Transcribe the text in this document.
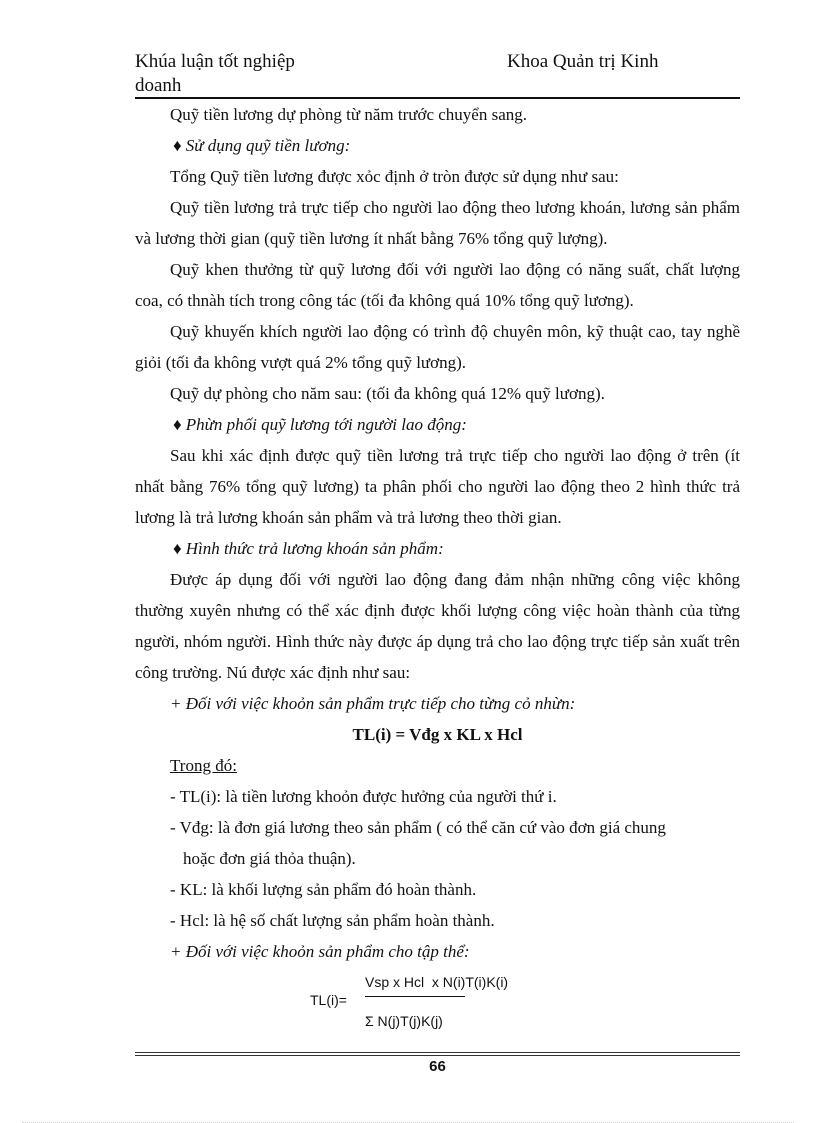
Khúa luận tốt nghiệp	Khoa Quản trị Kinh
doanh

Quỹ tiền lương dự phòng từ năm trước chuyển sang.

♦ Sử dụng quỹ tiền lương:

Tổng Quỹ tiền lương được xỏc định ở tròn được sử dụng như sau:

Quỹ tiền lương trả trực tiếp cho người lao động theo lương khoán, lương sản phẩm và lương thời gian (quỹ tiền lương ít nhất bằng 76% tổng quỹ lượng).

Quỹ khen thưởng từ quỹ lương đối với người lao động có năng suất, chất lượng coa, có thnàh tích trong công tác (tối đa không quá 10% tổng quỹ lương).

Quỹ khuyến khích người lao động có trình độ chuyên môn, kỹ thuật cao, tay nghề giỏi (tối đa không vượt quá 2% tổng quỹ lương).

Quỹ dự phòng cho năm sau: (tối đa không quá 12% quỹ lương).

♦ Phừn phối quỹ lương tới người lao động:

Sau khi xác định được quỹ tiền lương trả trực tiếp cho người lao động ở trên (ít nhất bằng 76% tổng quỹ lương) ta phân phối cho người lao động theo 2 hình thức trả lương là trả lương khoán sản phẩm và trả lương theo thời gian.

♦ Hình thức trả lương khoán sản phẩm:

Được áp dụng đối với người lao động đang đảm nhận những công việc không thường xuyên nhưng có thể xác định được khối lượng công việc hoàn thành của từng người, nhóm người. Hình thức này được áp dụng trả cho lao động trực tiếp sản xuất trên công trường. Nú được xác định như sau:

+ Đối với việc khoỏn sản phẩm trực tiếp cho từng cỏ nhừn:

TL(i) = Vđg x KL x Hcl

Trong đó:

- TL(i): là tiền lương khoỏn được hưởng của người thứ i.

- Vđg: là đơn giá lương theo sản phẩm ( có thể căn cứ vào đơn giá chung

hoặc đơn giá thỏa thuận).

- KL: là khối lượng sản phẩm đó hoàn thành.

- Hcl: là hệ số chất lượng sản phẩm hoàn thành.

+ Đối với việc khoỏn sản phẩm cho tập thể:

TL(i)=
Vsp x Hcl  x N(i)T(i)K(i)
Σ N(j)T(j)K(j)
66
